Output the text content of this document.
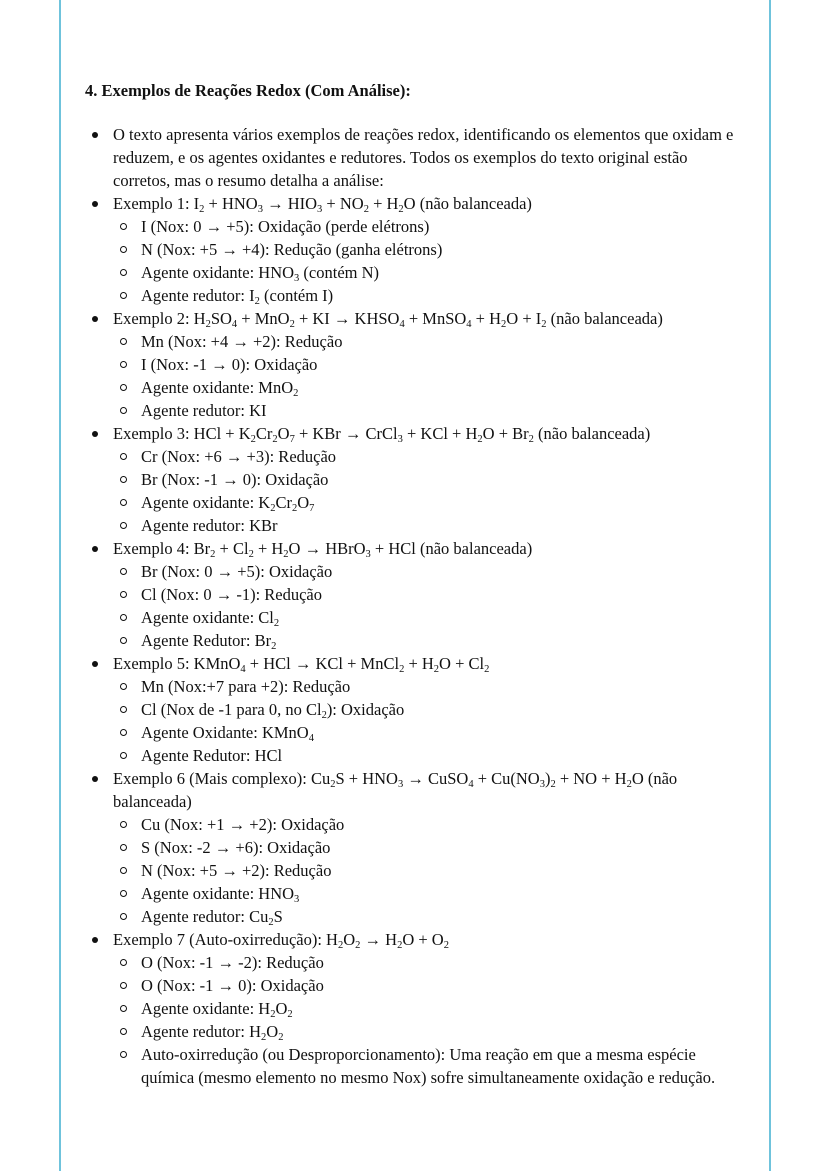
4. Exemplos de Reações Redox (Com Análise):
O texto apresenta vários exemplos de reações redox, identificando os elementos que oxidam e reduzem, e os agentes oxidantes e redutores. Todos os exemplos do texto original estão corretos, mas o resumo detalha a análise:
Exemplo 1: $I_2 + HNO_3 \to HIO_3 + NO_2 + H_2O$ (não balanceada)
I (Nox: 0 → +5): Oxidação (perde elétrons)
N (Nox: +5 → +4): Redução (ganha elétrons)
Agente oxidante: $HNO_3$ (contém N)
Agente redutor: $I_2$ (contém I)
Exemplo 2: $H_2SO_4 + MnO_2$ + KI → $KHSO_4$ + MnSO$_4$ + $H_2O + I_2$ (não balanceada)
Mn (Nox: +4 → +2): Redução
I (Nox: -1 → 0): Oxidação
Agente oxidante: MnO$_2$
Agente redutor: KI
Exemplo 3: HCl + $K_2Cr_2O_7$ + KBr → CrCl$_3$ + KCl + $H_2O + Br_2$ (não balanceada)
Cr (Nox: +6 → +3): Redução
Br (Nox: -1 → 0): Oxidação
Agente oxidante: $K_2Cr_2O_7$
Agente redutor: KBr
Exemplo 4: $Br_2 + Cl_2 + H_2O$ → HBrO$_3$ + HCl (não balanceada)
Br (Nox: 0 → +5): Oxidação
Cl (Nox: 0 → -1): Redução
Agente oxidante: $Cl_2$
Agente Redutor: $Br_2$
Exemplo 5: KMnO$_4$ + HCl → KCl + MnCl$_2$ + $H_2O + Cl_2$
Mn (Nox:+7 para +2): Redução
Cl (Nox de -1 para 0, no $Cl_2$): Oxidação
Agente Oxidante: KMnO$_4$
Agente Redutor: HCl
Exemplo 6 (Mais complexo): $Cu_2S + HNO_3$ → CuSO$_4$ + $Cu(NO_3)_2$ + NO + $H_2O$ (não balanceada)
Cu (Nox: +1 → +2): Oxidação
S (Nox: -2 → +6): Oxidação
N (Nox: +5 → +2): Redução
Agente oxidante: $HNO_3$
Agente redutor: $Cu_2S$
Exemplo 7 (Auto-oxirredução): $H_2O_2 \to H_2O + O_2$
O (Nox: -1 → -2): Redução
O (Nox: -1 → 0): Oxidação
Agente oxidante: $H_2O_2$
Agente redutor: $H_2O_2$
Auto-oxirredução (ou Desproporcionamento): Uma reação em que a mesma espécie química (mesmo elemento no mesmo Nox) sofre simultaneamente oxidação e redução.
